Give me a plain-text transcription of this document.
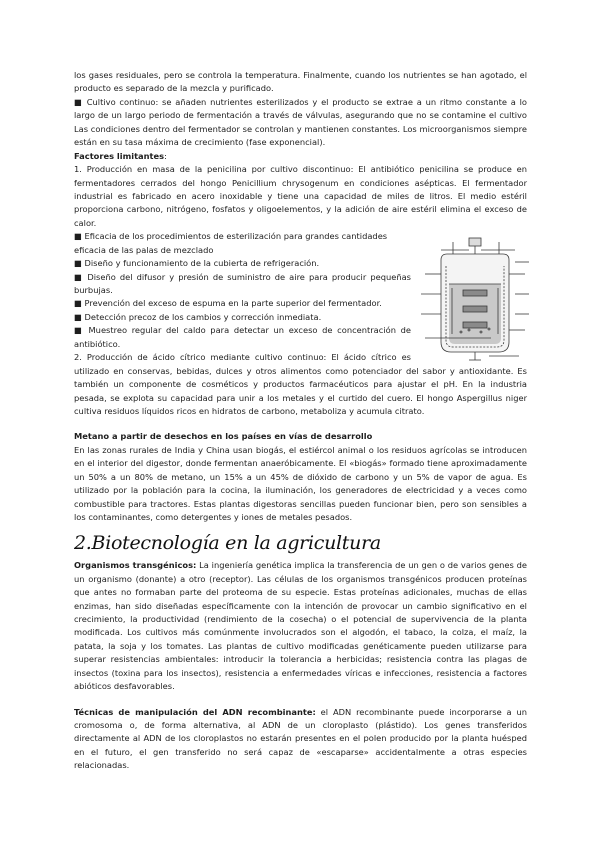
los gases residuales, pero se controla la temperatura. Finalmente, cuando los nutrientes se han agotado, el producto es separado de la mezcla y purificado.

■ Cultivo continuo: se añaden nutrientes esterilizados y el producto se extrae a un ritmo constante a lo largo de un largo periodo de fermentación a través de válvulas, asegurando que no se contamine el cultivo Las condiciones dentro del fermentador se controlan y mantienen constantes. Los microorganismos siempre están en su tasa máxima de crecimiento (fase exponencial).

Factores limitantes:

1. Producción en masa de la penicilina por cultivo discontinuo: El antibiótico penicilina se produce en fermentadores cerrados del hongo Penicillium chrysogenum en condiciones asépticas. El fermentador industrial es fabricado en acero inoxidable y tiene una capacidad de miles de litros. El medio estéril proporciona carbono, nitrógeno, fosfatos y oligoelementos, y la adición de aire estéril elimina el exceso de calor.

■ Eficacia de los procedimientos de esterilización para grandes cantidades

eficacia de las palas de mezclado

■ Diseño y funcionamiento de la cubierta de refrigeración.

■ Diseño del difusor y presión de suministro de aire para producir pequeñas burbujas.

■ Prevención del exceso de espuma en la parte superior del fermentador.

■ Detección precoz de los cambios y corrección inmediata.

■ Muestreo regular del caldo para detectar un exceso de concentración de antibiótico.

2. Producción de ácido cítrico mediante cultivo continuo: El ácido cítrico es utilizado en conservas, bebidas, dulces y otros alimentos como potenciador del sabor y antioxidante. Es también un componente de cosméticos y productos farmacéuticos para ajustar el pH. En la industria pesada, se explota su capacidad para unir a los metales y el curtido del cuero. El hongo Aspergillus niger cultiva residuos líquidos ricos en hidratos de carbono, metaboliza y acumula citrato.

Metano a partir de desechos en los países en vías de desarrollo

En las zonas rurales de India y China usan biogás, el estiércol animal o los residuos agrícolas se introducen en el interior del digestor, donde fermentan anaeróbicamente. El «biogás» formado tiene aproximadamente un 50% a un 80% de metano, un 15% a un 45% de dióxido de carbono y un 5% de vapor de agua. Es utilizado por la población para la cocina, la iluminación, los generadores de electricidad y a veces como combustible para tractores. Estas plantas digestoras sencillas pueden funcionar bien, pero son sensibles a los contaminantes, como detergentes y iones de metales pesados.

2.Biotecnología en la agricultura

Organismos transgénicos: La ingeniería genética implica la transferencia de un gen o de varios genes de un organismo (donante) a otro (receptor). Las células de los organismos transgénicos producen proteínas que antes no formaban parte del proteoma de su especie. Estas proteínas adicionales, muchas de ellas enzimas, han sido diseñadas específicamente con la intención de provocar un cambio significativo en el crecimiento, la productividad (rendimiento de la cosecha) o el potencial de supervivencia de la planta modificada. Los cultivos más comúnmente involucrados son el algodón, el tabaco, la colza, el maíz, la patata, la soja y los tomates. Las plantas de cultivo modificadas genéticamente pueden utilizarse para superar resistencias ambientales: introducir la tolerancia a herbicidas; resistencia contra las plagas de insectos (toxina para los insectos), resistencia a enfermedades víricas e infecciones, resistencia a factores abióticos desfavorables.

Técnicas de manipulación del ADN recombinante: el ADN recombinante puede incorporarse a un cromosoma o, de forma alternativa, al ADN de un cloroplasto (plástido). Los genes transferidos directamente al ADN de los cloroplastos no estarán presentes en el polen producido por la planta huésped en el futuro, el gen transferido no será capaz de «escaparse» accidentalmente a otras especies relacionadas.
